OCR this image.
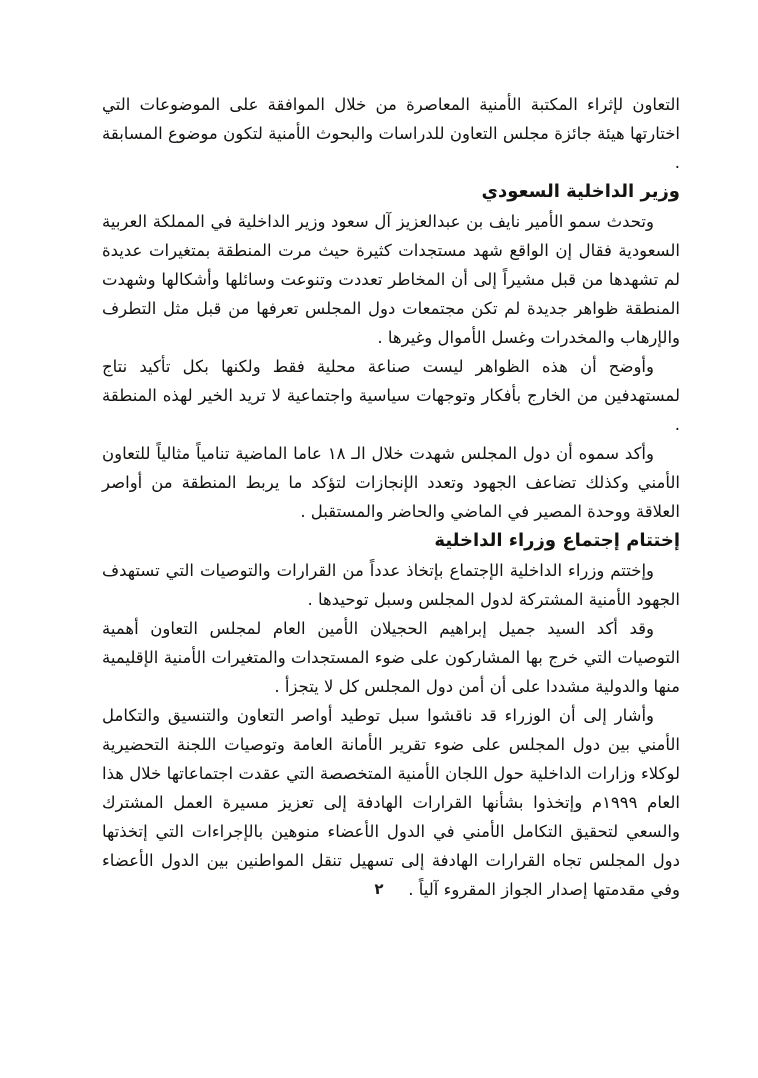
التعاون لإثراء المكتبة الأمنية المعاصرة من خلال الموافقة على الموضوعات التي اختارتها هيئة جائزة مجلس التعاون للدراسات والبحوث الأمنية لتكون موضوع المسابقة .

وزير الداخلية السعودي

وتحدث سمو الأمير نايف بن عبدالعزيز آل سعود وزير الداخلية في المملكة العربية السعودية فقال إن الواقع شهد مستجدات كثيرة حيث مرت المنطقة بمتغيرات عديدة لم تشهدها من قبل مشيراً إلى أن المخاطر تعددت وتنوعت وسائلها وأشكالها وشهدت المنطقة ظواهر جديدة لم تكن مجتمعات دول المجلس تعرفها من قبل مثل التطرف والإرهاب والمخدرات وغسل الأموال وغيرها .

وأوضح أن هذه الظواهر ليست صناعة محلية فقط ولكنها بكل تأكيد نتاج لمستهدفين من الخارج بأفكار وتوجهات سياسية واجتماعية لا تريد الخير لهذه المنطقة .

وأكد سموه أن دول المجلس شهدت خلال الـ ١٨ عاما الماضية تنامياً مثالياً للتعاون الأمني وكذلك تضاعف الجهود وتعدد الإنجازات لتؤكد ما يربط المنطقة من أواصر العلاقة ووحدة المصير في الماضي والحاضر والمستقبل .

إختتام إجتماع وزراء الداخلية

وإختتم وزراء الداخلية الإجتماع بإتخاذ عدداً من القرارات والتوصيات التي تستهدف الجهود الأمنية المشتركة لدول المجلس وسبل توحيدها .

وقد أكد السيد جميل إبراهيم الحجيلان الأمين العام لمجلس التعاون أهمية التوصيات التي خرج بها المشاركون على ضوء المستجدات والمتغيرات الأمنية الإقليمية منها والدولية مشددا على أن أمن دول المجلس كل لا يتجزأ .

وأشار إلى أن الوزراء قد ناقشوا سبل توطيد أواصر التعاون والتنسيق والتكامل الأمني بين دول المجلس على ضوء تقرير الأمانة العامة وتوصيات اللجنة التحضيرية لوكلاء وزارات الداخلية حول اللجان الأمنية المتخصصة التي عقدت اجتماعاتها خلال هذا العام ١٩٩٩م وإتخذوا بشأنها القرارات الهادفة إلى تعزيز مسيرة العمل المشترك والسعي لتحقيق التكامل الأمني في الدول الأعضاء منوهين بالإجراءات التي إتخذتها دول المجلس تجاه القرارات الهادفة إلى تسهيل تنقل المواطنين بين الدول الأعضاء وفي مقدمتها إصدار الجواز المقروء آلياً .

٢
